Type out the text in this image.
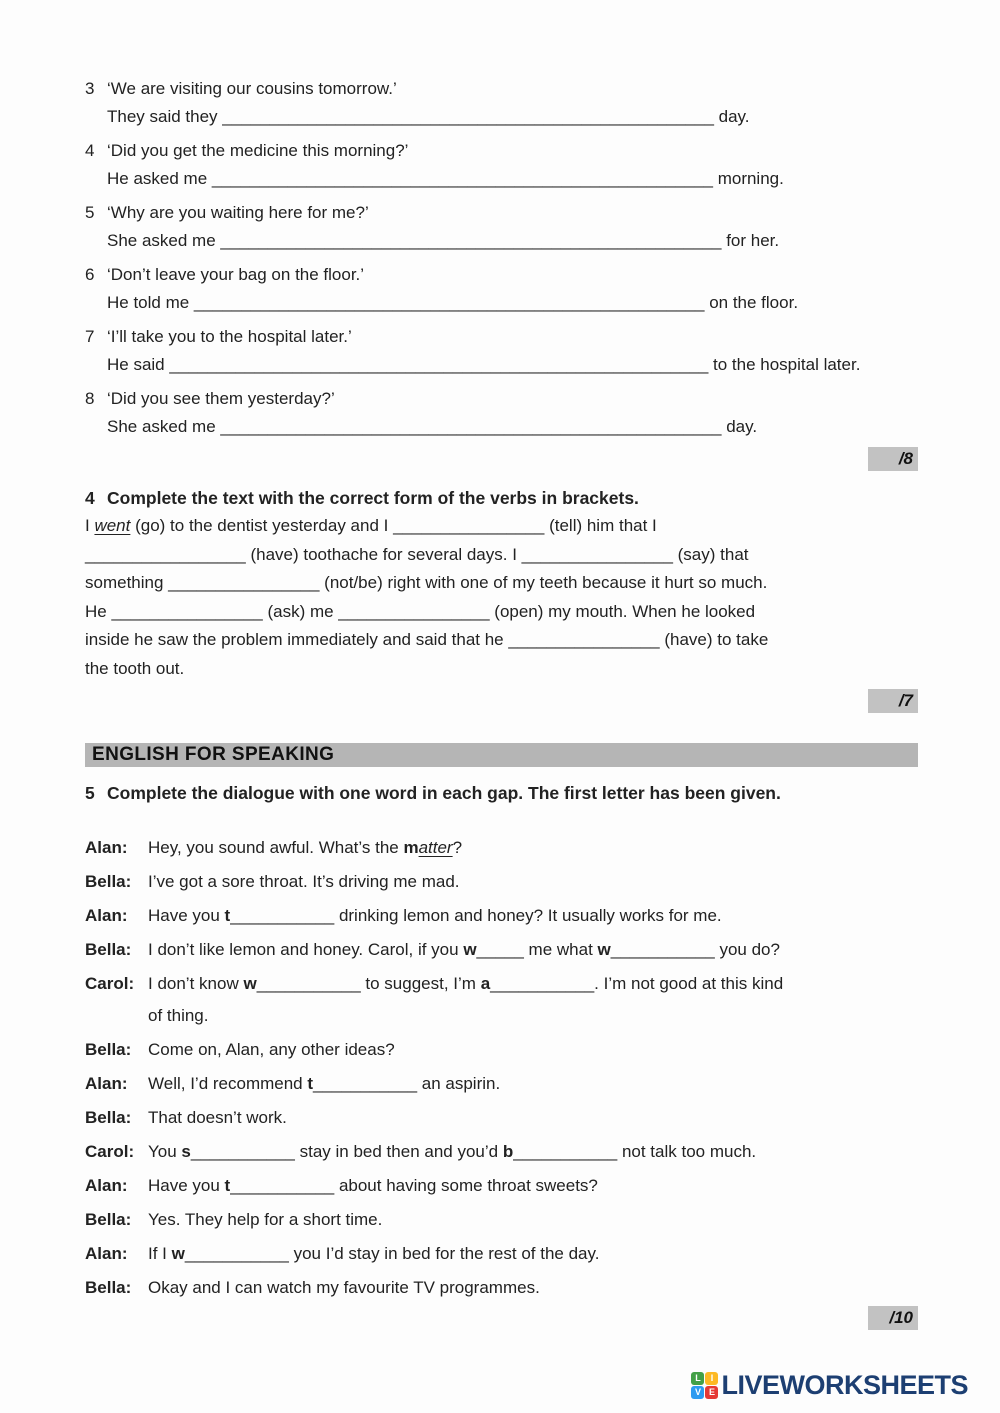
3 ‘We are visiting our cousins tomorrow.’
They said they ____________________________________________________ day.
4 ‘Did you get the medicine this morning?’
He asked me _____________________________________________________ morning.
5 ‘Why are you waiting here for me?’
She asked me _____________________________________________________ for her.
6 ‘Don’t leave your bag on the floor.’
He told me ______________________________________________________ on the floor.
7 ‘I’ll take you to the hospital later.’
He said _________________________________________________________ to the hospital later.
8 ‘Did you see them yesterday?’
She asked me _____________________________________________________ day.
/8
4 Complete the text with the correct form of the verbs in brackets.
I went (go) to the dentist yesterday and I ________________ (tell) him that I
_________________ (have) toothache for several days. I ________________ (say) that
something ________________ (not/be) right with one of my teeth because it hurt so much.
He ________________ (ask) me ________________ (open) my mouth. When he looked
inside he saw the problem immediately and said that he ________________ (have) to take
the tooth out.
/7
ENGLISH FOR SPEAKING
5 Complete the dialogue with one word in each gap. The first letter has been given.
Alan:	Hey, you sound awful. What’s the matter?
Bella: I’ve got a sore throat. It’s driving me mad.
Alan:	Have you t___________ drinking lemon and honey? It usually works for me.
Bella: I don’t like lemon and honey. Carol, if you w_____ me what w___________ you do?
Carol: I don’t know w___________ to suggest, I’m a___________. I’m not good at this kind
of thing.
Bella: Come on, Alan, any other ideas?
Alan:	Well, I’d recommend t___________ an aspirin.
Bella: That doesn’t work.
Carol: You s___________ stay in bed then and you’d b___________ not talk too much.
Alan:	Have you t___________ about having some throat sweets?
Bella: Yes. They help for a short time.
Alan:	If I w___________ you I’d stay in bed for the rest of the day.
Bella: Okay and I can watch my favourite TV programmes.
/10
L	I
V E LIVEWORKSHEETS
